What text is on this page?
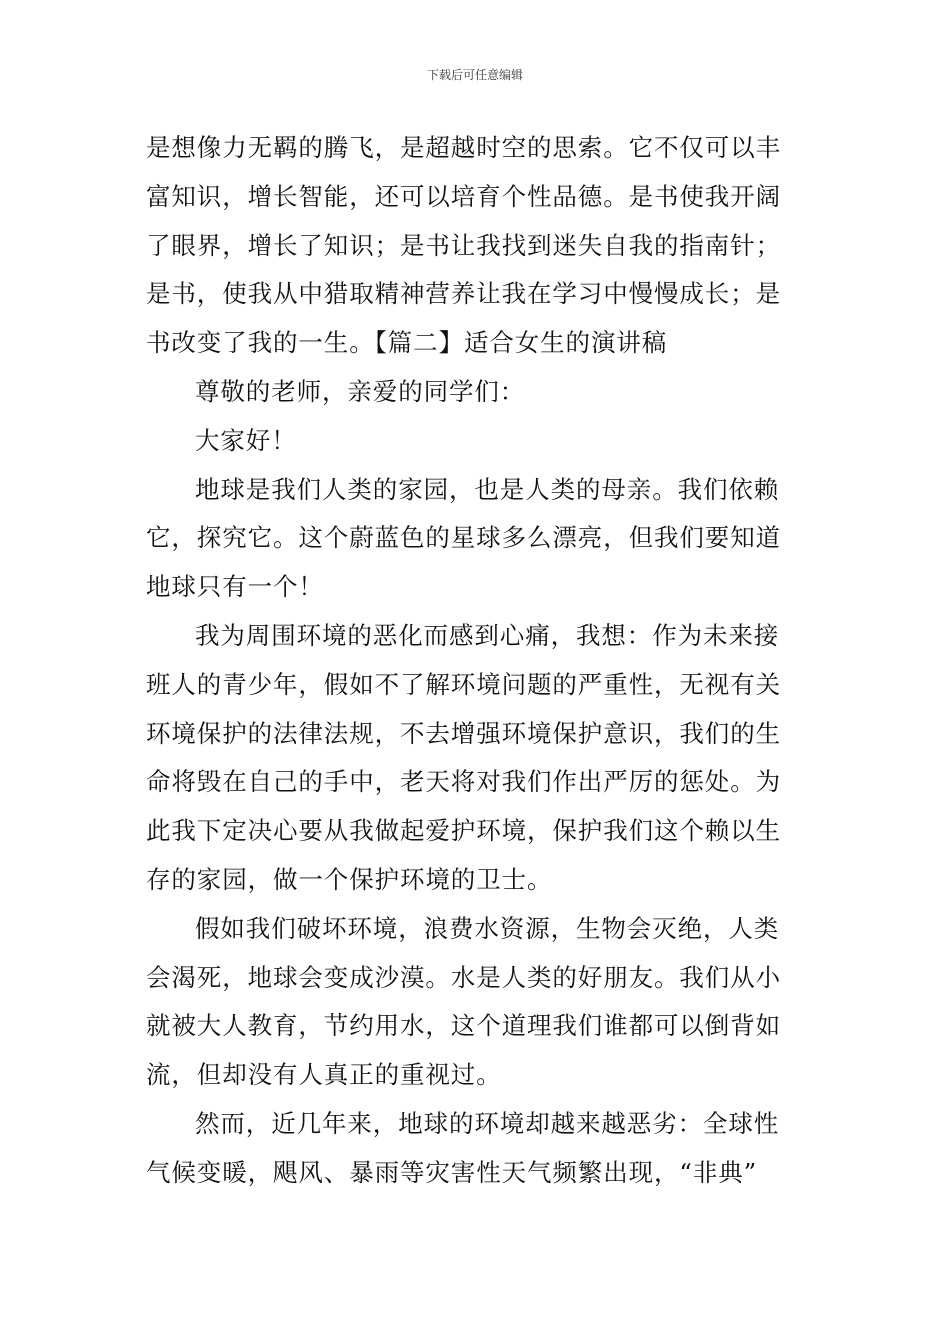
下载后可任意编辑
是想像力无羁的腾飞，是超越时空的思索。它不仅可以丰
富知识，增长智能，还可以培育个性品德。是书使我开阔
了眼界，增长了知识；是书让我找到迷失自我的指南针；
是书，使我从中猎取精神营养让我在学习中慢慢成长；是
书改变了我的一生。【篇二】适合女生的演讲稿
尊敬的老师，亲爱的同学们：
大家好！
地球是我们人类的家园，也是人类的母亲。我们依赖
它，探究它。这个蔚蓝色的星球多么漂亮，但我们要知道
地球只有一个！
我为周围环境的恶化而感到心痛，我想：作为未来接
班人的青少年，假如不了解环境问题的严重性，无视有关
环境保护的法律法规，不去增强环境保护意识，我们的生
命将毁在自己的手中，老天将对我们作出严厉的惩处。为
此我下定决心要从我做起爱护环境，保护我们这个赖以生
存的家园，做一个保护环境的卫士。
假如我们破坏环境，浪费水资源，生物会灭绝，人类
会渴死，地球会变成沙漠。水是人类的好朋友。我们从小
就被大人教育，节约用水，这个道理我们谁都可以倒背如
流，但却没有人真正的重视过。
然而，近几年来，地球的环境却越来越恶劣：全球性
气候变暖，飓风、暴雨等灾害性天气频繁出现，“非典”
